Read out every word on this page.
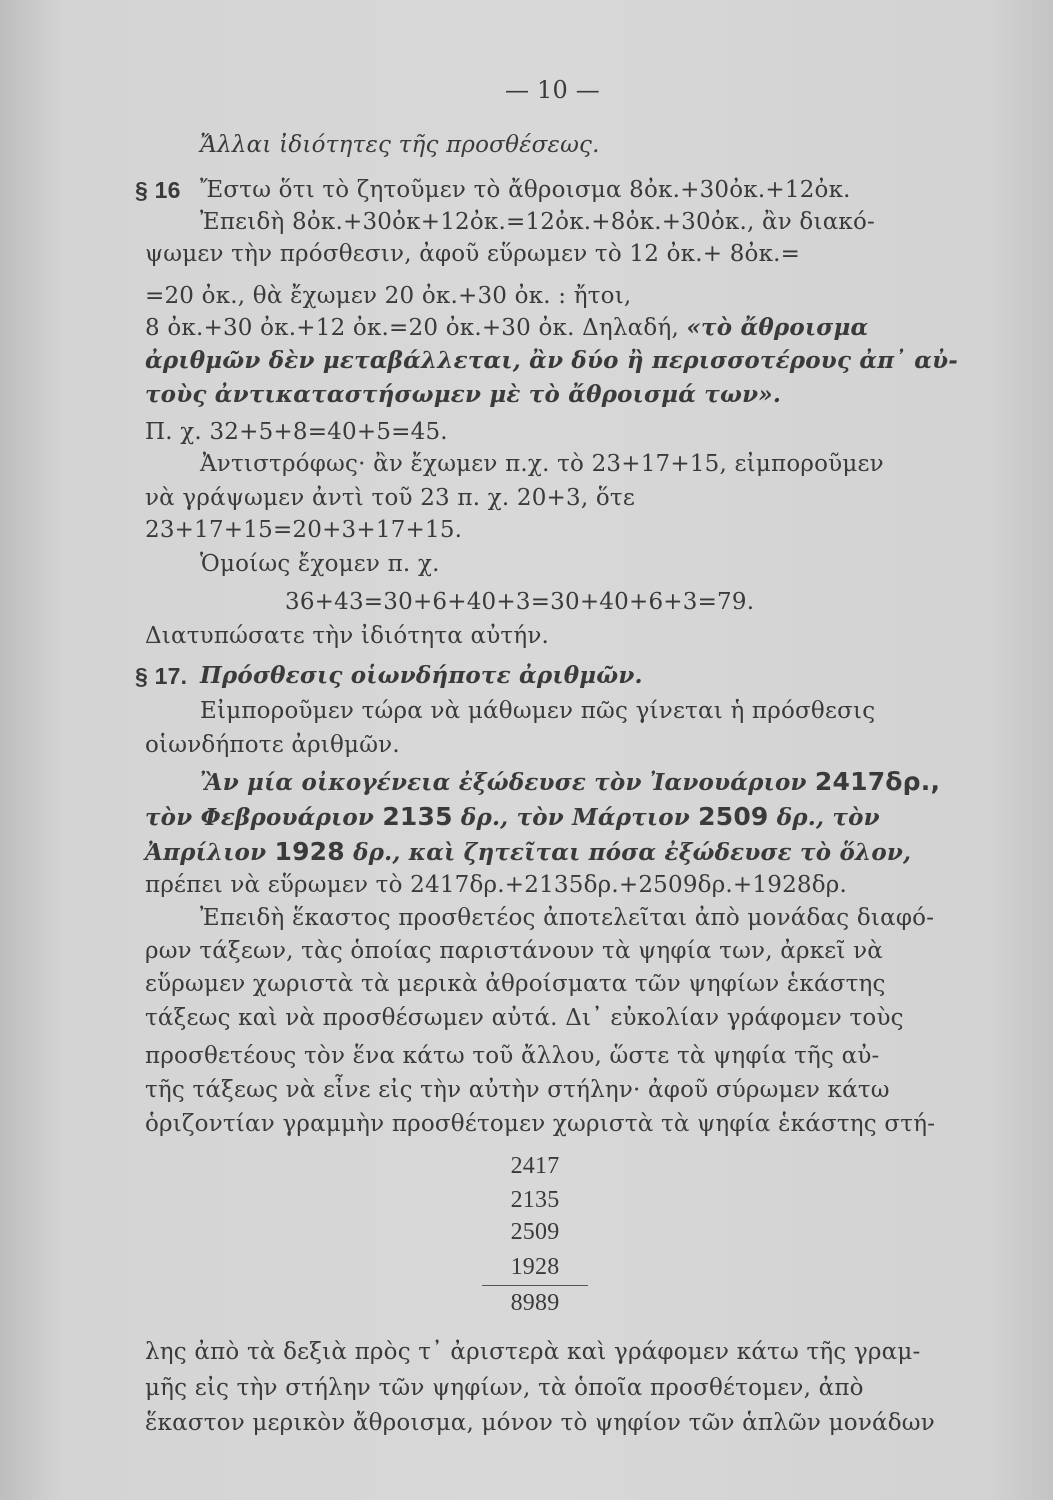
— 10 —
Ἄλλαι ἰδιότητες τῆς προσθέσεως.
§ 16 Ἔστω ὅτι τὸ ζητοῦμεν τὸ ἄθροισμα 8ὀκ.+30ὀκ.+12ὀκ.
Ἐπειδὴ 8ὀκ.+30ὀκ+12ὀκ.=12ὀκ.+8ὀκ.+30ὀκ., ἂν διακό-
ψωμεν τὴν πρόσθεσιν, ἀφοῦ εὕρωμεν τὸ 12 ὀκ.+ 8ὀκ.=
=20 ὀκ., θὰ ἔχωμεν 20 ὀκ.+30 ὀκ. : ἤτοι,
8 ὀκ.+30 ὀκ.+12 ὀκ.=20 ὀκ.+30 ὀκ. Δηλαδή, «τὸ ἄθροισμα
ἀριθμῶν δὲν μεταβάλλεται, ἂν δύο ἢ περισσοτέρους ἀπ᾿ αὐ-
τοὺς ἀντικαταστήσωμεν μὲ τὸ ἄθροισμά των».
Π. χ. 32+5+8=40+5=45.
Ἀντιστρόφως· ἂν ἔχωμεν π.χ. τὸ 23+17+15, εἰμποροῦμεν
νὰ γράψωμεν ἀντὶ τοῦ 23 π. χ. 20+3, ὅτε
23+17+15=20+3+17+15.
Ὁμοίως ἔχομεν π. χ.
36+43=30+6+40+3=30+40+6+3=79.
Διατυπώσατε τὴν ἰδιότητα αὐτήν.
§ 17. Πρόσθεσις οἱωνδήποτε ἀριθμῶν.
Εἰμποροῦμεν τώρα νὰ μάθωμεν πῶς γίνεται ἡ πρόσθεσις
οἱωνδήποτε ἀριθμῶν.
Ἂν μία οἰκογένεια ἐξώδευσε τὸν Ἰανουάριον 2417δρ.,
τὸν Φεβρουάριον 2135 δρ., τὸν Μάρτιον 2509 δρ., τὸν
Ἀπρίλιον 1928 δρ., καὶ ζητεῖται πόσα ἐξώδευσε τὸ ὅλον,
πρέπει νὰ εὕρωμεν τὸ 2417δρ.+2135δρ.+2509δρ.+1928δρ.
Ἐπειδὴ ἕκαστος προσθετέος ἀποτελεῖται ἀπὸ μονάδας διαφό-
ρων τάξεων, τὰς ὁποίας παριστάνουν τὰ ψηφία των, ἀρκεῖ νὰ
εὕρωμεν χωριστὰ τὰ μερικὰ ἀθροίσματα τῶν ψηφίων ἑκάστης
τάξεως καὶ νὰ προσθέσωμεν αὐτά. Δι᾿ εὐκολίαν γράφομεν τοὺς
προσθετέους τὸν ἕνα κάτω τοῦ ἄλλου, ὥστε τὰ ψηφία τῆς αὐ-
τῆς τάξεως νὰ εἶνε εἰς τὴν αὐτὴν στήλην· ἀφοῦ σύρωμεν κάτω
ὁριζοντίαν γραμμὴν προσθέτομεν χωριστὰ τὰ ψηφία ἑκάστης στή-
2417
2135
2509
1928
8989
λης ἀπὸ τὰ δεξιὰ πρὸς τ᾿ ἀριστερὰ καὶ γράφομεν κάτω τῆς γραμ-
μῆς εἰς τὴν στήλην τῶν ψηφίων, τὰ ὁποῖα προσθέτομεν, ἀπὸ
ἕκαστον μερικὸν ἄθροισμα, μόνον τὸ ψηφίον τῶν ἁπλῶν μονάδων
